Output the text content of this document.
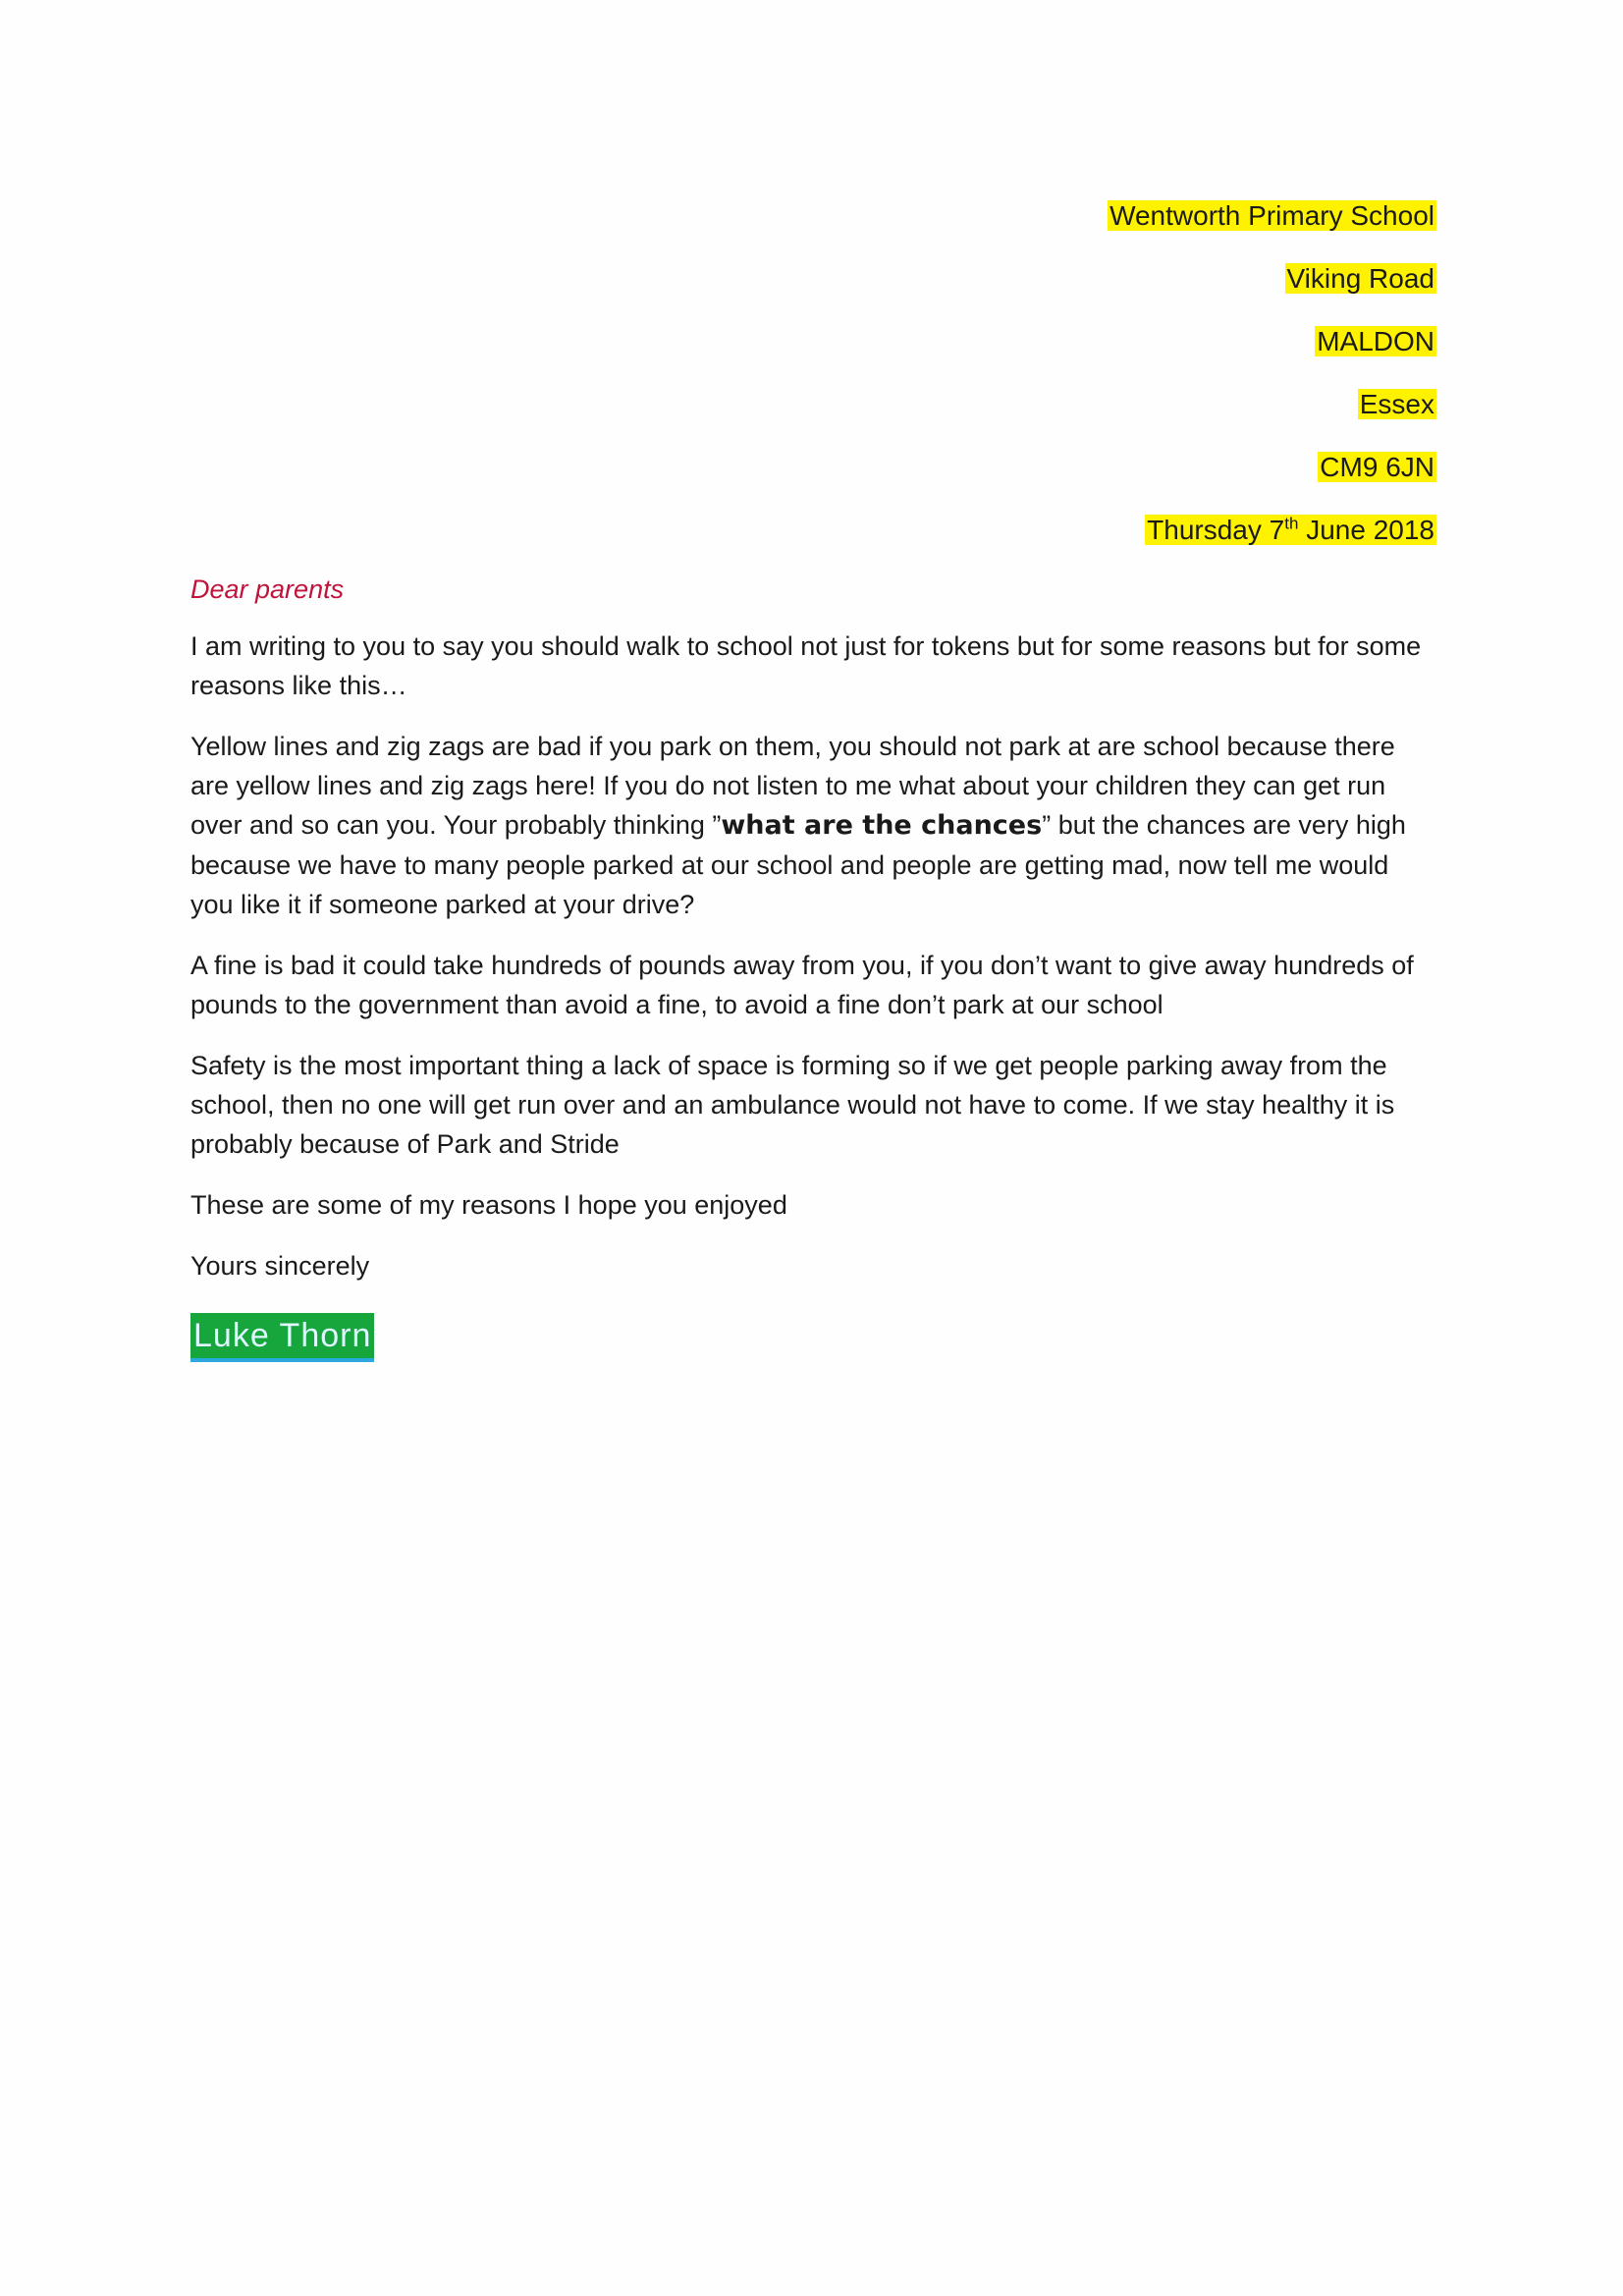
Wentworth Primary School
Viking Road
MALDON
Essex
CM9 6JN
Thursday 7th June 2018

Dear parents

I am writing to you to say you should walk to school not just for tokens but for some reasons but for some reasons like this…

Yellow lines and zig zags are bad if you park on them, you should not park at are school because there are yellow lines and zig zags here! If you do not listen to me what about your children they can get run over and so can you. Your probably thinking ”what are the chances” but the chances are very high because we have to many people parked at our school and people are getting mad, now tell me would you like it if someone parked at your drive?

A fine is bad it could take hundreds of pounds away from you, if you don’t want to give away hundreds of pounds to the government than avoid a fine, to avoid a fine don’t park at our school

Safety is the most important thing a lack of space is forming so if we get people parking away from the school, then no one will get run over and an ambulance would not have to come. If we stay healthy it is probably because of Park and Stride

These are some of my reasons I hope you enjoyed

Yours sincerely

Luke Thorn
